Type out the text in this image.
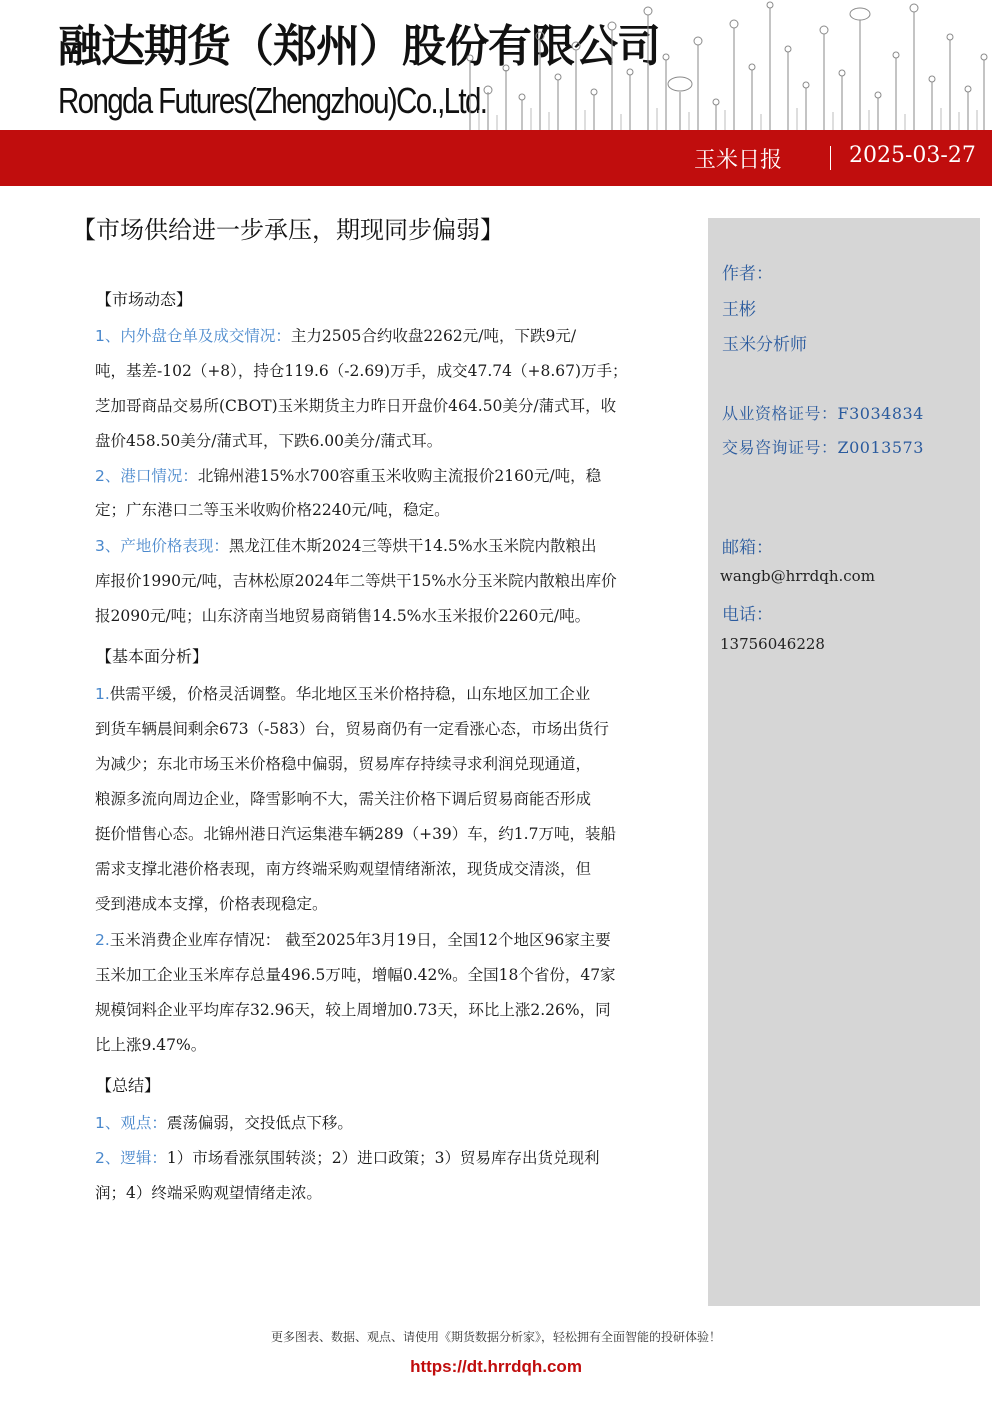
融达期货（郑州）股份有限公司
Rongda Futures(Zhengzhou)Co.,Ltd.
玉米日报	2025-03-27
作者：
王彬
玉米分析师
从业资格证号：F3034834
交易咨询证号：Z0013573
邮箱：
wangb@hrrdqh.com
电话：
13756046228
【市场供给进一步承压，期现同步偏弱】
【市场动态】
1、内外盘仓单及成交情况：主力2505合约收盘2262元/吨，下跌9元/
吨，基差-102（+8），持仓119.6（-2.69)万手，成交47.74（+8.67)万手；
芝加哥商品交易所(CBOT)玉米期货主力昨日开盘价464.50美分/蒲式耳，收
盘价458.50美分/蒲式耳，下跌6.00美分/蒲式耳。
2、港口情况：北锦州港15%水700容重玉米收购主流报价2160元/吨，稳
定；广东港口二等玉米收购价格2240元/吨，稳定。
3、产地价格表现：黑龙江佳木斯2024三等烘干14.5%水玉米院内散粮出
库报价1990元/吨，吉林松原2024年二等烘干15%水分玉米院内散粮出库价
报2090元/吨；山东济南当地贸易商销售14.5%水玉米报价2260元/吨。
【基本面分析】
1.供需平缓，价格灵活调整。华北地区玉米价格持稳，山东地区加工企业
到货车辆晨间剩余673（-583）台，贸易商仍有一定看涨心态，市场出货行
为减少；东北市场玉米价格稳中偏弱，贸易库存持续寻求利润兑现通道，
粮源多流向周边企业，降雪影响不大，需关注价格下调后贸易商能否形成
挺价惜售心态。北锦州港日汽运集港车辆289（+39）车，约1.7万吨，装船
需求支撑北港价格表现，南方终端采购观望情绪渐浓，现货成交清淡，但
受到港成本支撑，价格表现稳定。
2.玉米消费企业库存情况： 截至2025年3月19日，全国12个地区96家主要
玉米加工企业玉米库存总量496.5万吨，增幅0.42%。全国18个省份，47家
规模饲料企业平均库存32.96天，较上周增加0.73天，环比上涨2.26%，同
比上涨9.47%。
【总结】
1、观点：震荡偏弱，交投低点下移。
2、逻辑：1）市场看涨氛围转淡；2）进口政策；3）贸易库存出货兑现利
润；4）终端采购观望情绪走浓。
更多图表、数据、观点、请使用《期货数据分析家》，轻松拥有全面智能的投研体验！
https://dt.hrrdqh.com
